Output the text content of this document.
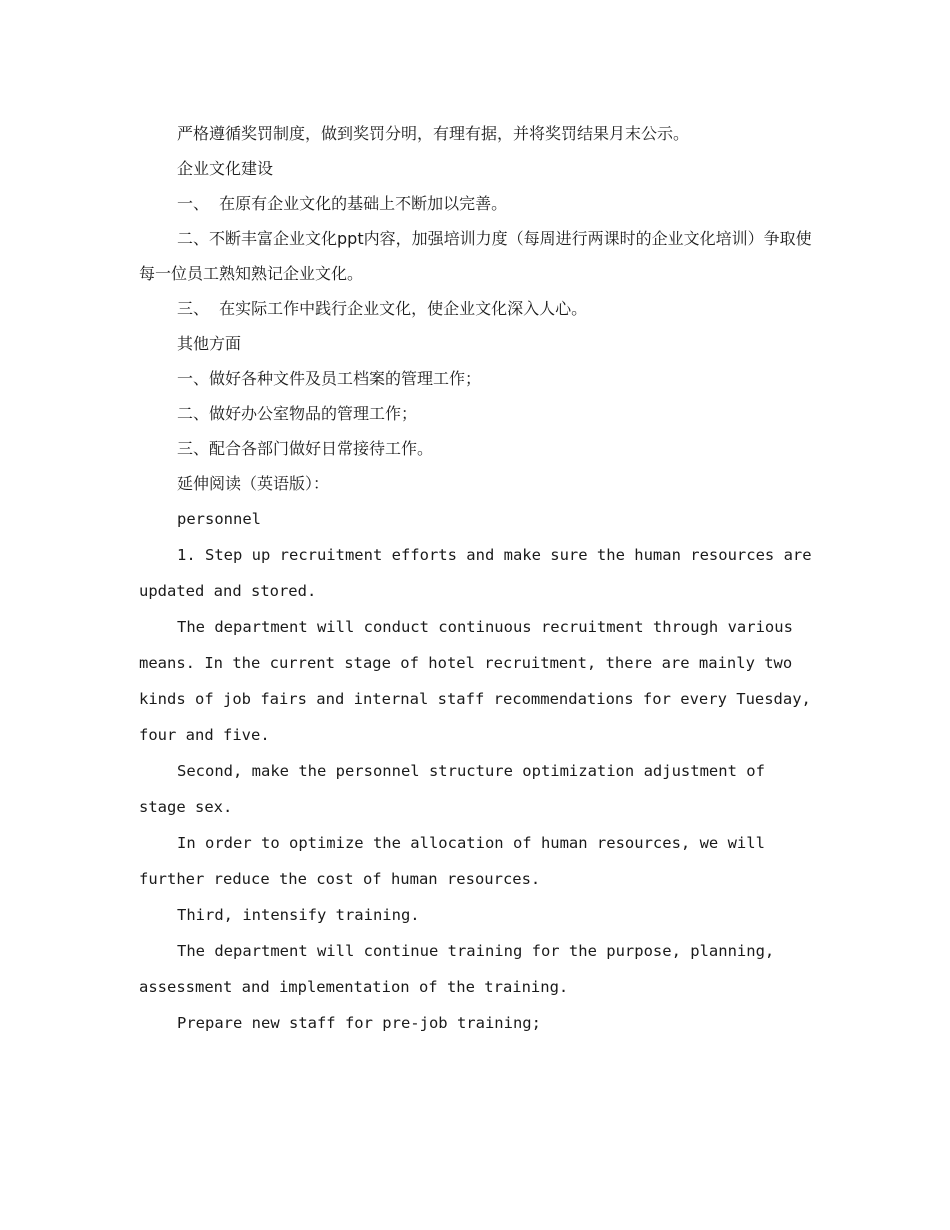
严格遵循奖罚制度，做到奖罚分明，有理有据，并将奖罚结果月末公示。

企业文化建设

一、  在原有企业文化的基础上不断加以完善。

二、不断丰富企业文化ppt内容，加强培训力度（每周进行两课时的企业文化培训）争取使每一位员工熟知熟记企业文化。

三、  在实际工作中践行企业文化，使企业文化深入人心。

其他方面

一、做好各种文件及员工档案的管理工作；

二、做好办公室物品的管理工作；

三、配合各部门做好日常接待工作。

延伸阅读（英语版）：

personnel

1. Step up recruitment efforts and make sure the human resources are updated and stored.

The department will conduct continuous recruitment through various means. In the current stage of hotel recruitment, there are mainly two kinds of job fairs and internal staff recommendations for every Tuesday, four and five.

Second, make the personnel structure optimization adjustment of stage sex.

In order to optimize the allocation of human resources, we will further reduce the cost of human resources.

Third, intensify training.

The department will continue training for the purpose, planning, assessment and implementation of the training.

Prepare new staff for pre-job training;
